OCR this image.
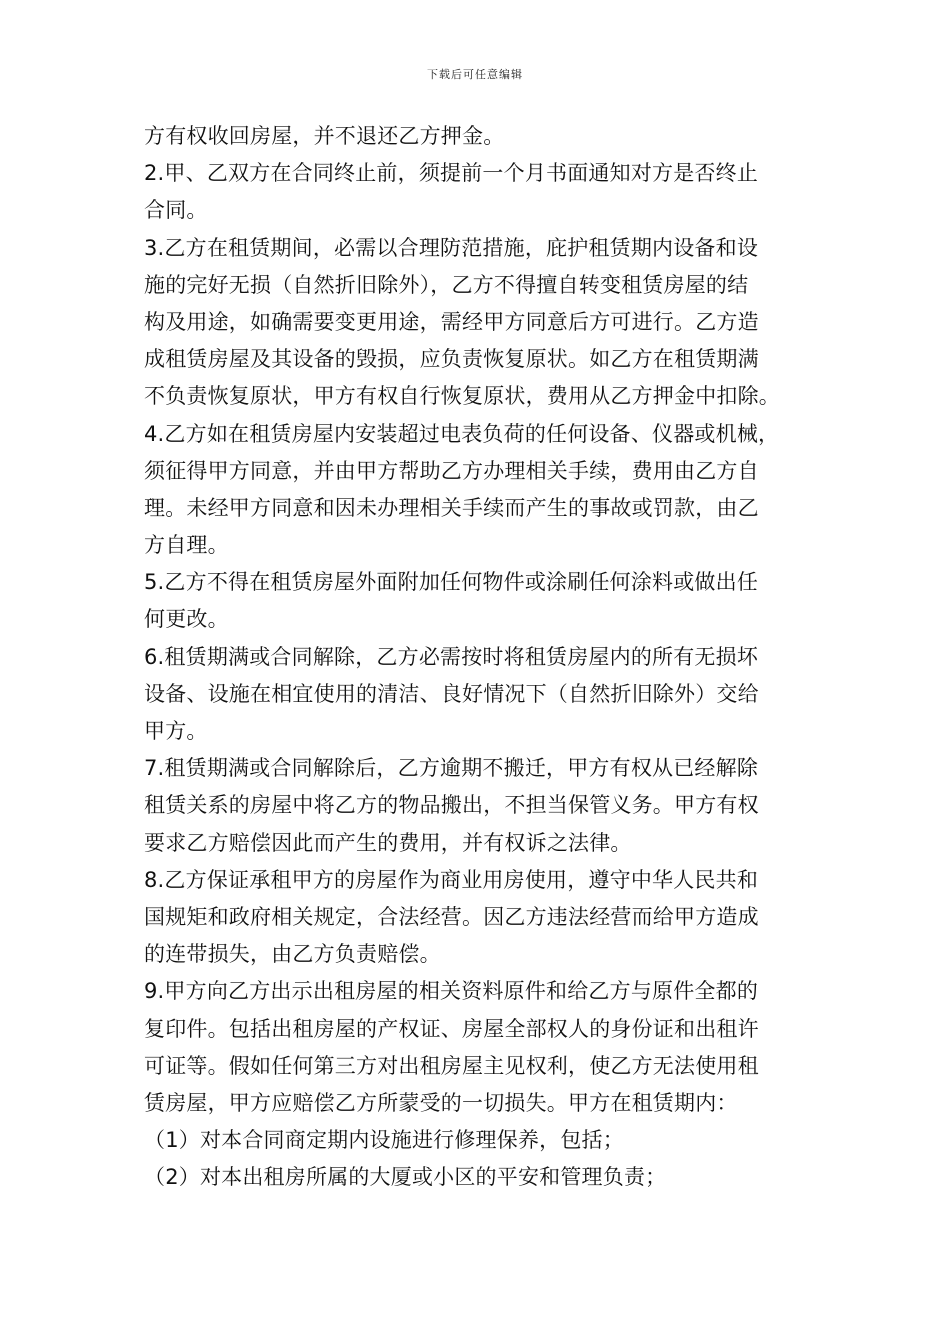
下载后可任意编辑
方有权收回房屋，并不退还乙方押金。
2.甲、乙双方在合同终止前，须提前一个月书面通知对方是否终止
合同。
3.乙方在租赁期间，必需以合理防范措施，庇护租赁期内设备和设
施的完好无损（自然折旧除外），乙方不得擅自转变租赁房屋的结
构及用途，如确需要变更用途，需经甲方同意后方可进行。乙方造
成租赁房屋及其设备的毁损，应负责恢复原状。如乙方在租赁期满
不负责恢复原状，甲方有权自行恢复原状，费用从乙方押金中扣除。
4.乙方如在租赁房屋内安装超过电表负荷的任何设备、仪器或机械，
须征得甲方同意，并由甲方帮助乙方办理相关手续，费用由乙方自
理。未经甲方同意和因未办理相关手续而产生的事故或罚款，由乙
方自理。
5.乙方不得在租赁房屋外面附加任何物件或涂刷任何涂料或做出任
何更改。
6.租赁期满或合同解除，乙方必需按时将租赁房屋内的所有无损坏
设备、设施在相宜使用的清洁、良好情况下（自然折旧除外）交给
甲方。
7.租赁期满或合同解除后，乙方逾期不搬迁，甲方有权从已经解除
租赁关系的房屋中将乙方的物品搬出，不担当保管义务。甲方有权
要求乙方赔偿因此而产生的费用，并有权诉之法律。
8.乙方保证承租甲方的房屋作为商业用房使用，遵守中华人民共和
国规矩和政府相关规定，合法经营。因乙方违法经营而给甲方造成
的连带损失，由乙方负责赔偿。
9.甲方向乙方出示出租房屋的相关资料原件和给乙方与原件全都的
复印件。包括出租房屋的产权证、房屋全部权人的身份证和出租许
可证等。假如任何第三方对出租房屋主见权利，使乙方无法使用租
赁房屋，甲方应赔偿乙方所蒙受的一切损失。甲方在租赁期内：
（1）对本合同商定期内设施进行修理保养，包括；
（2）对本出租房所属的大厦或小区的平安和管理负责；
